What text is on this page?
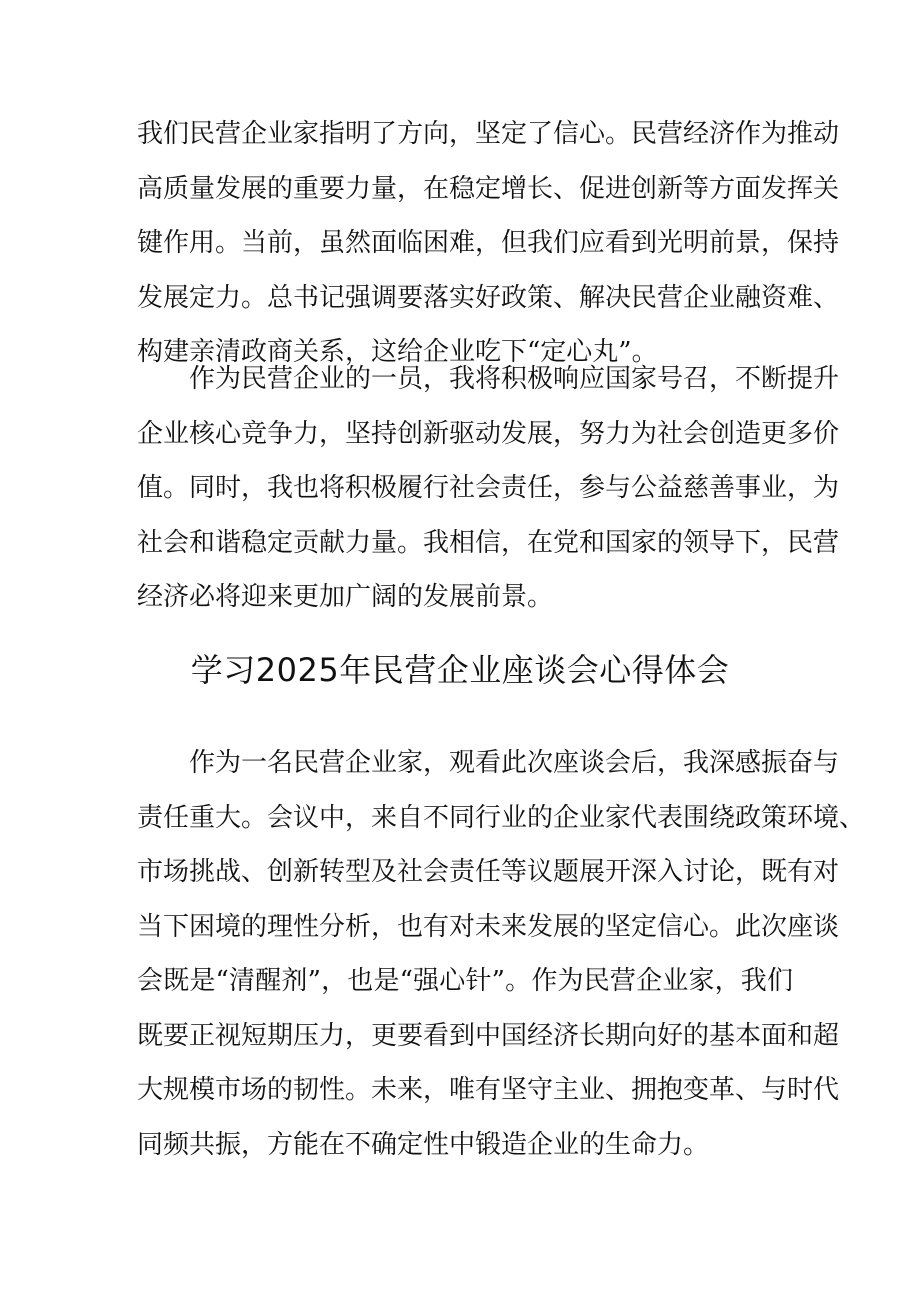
我们民营企业家指明了方向，坚定了信心。民营经济作为推动
高质量发展的重要力量，在稳定增长、促进创新等方面发挥关
键作用。当前，虽然面临困难，但我们应看到光明前景，保持
发展定力。总书记强调要落实好政策、解决民营企业融资难、
构建亲清政商关系，这给企业吃下“定心丸”。
　　作为民营企业的一员，我将积极响应国家号召，不断提升
企业核心竞争力，坚持创新驱动发展，努力为社会创造更多价
值。同时，我也将积极履行社会责任，参与公益慈善事业，为
社会和谐稳定贡献力量。我相信，在党和国家的领导下，民营
经济必将迎来更加广阔的发展前景。
学习2025年民营企业座谈会心得体会
　　作为一名民营企业家，观看此次座谈会后，我深感振奋与
责任重大。会议中，来自不同行业的企业家代表围绕政策环境、
市场挑战、创新转型及社会责任等议题展开深入讨论，既有对
当下困境的理性分析，也有对未来发展的坚定信心。此次座谈
会既是“清醒剂”，也是“强心针”。作为民营企业家，我们
既要正视短期压力，更要看到中国经济长期向好的基本面和超
大规模市场的韧性。未来，唯有坚守主业、拥抱变革、与时代
同频共振，方能在不确定性中锻造企业的生命力。
